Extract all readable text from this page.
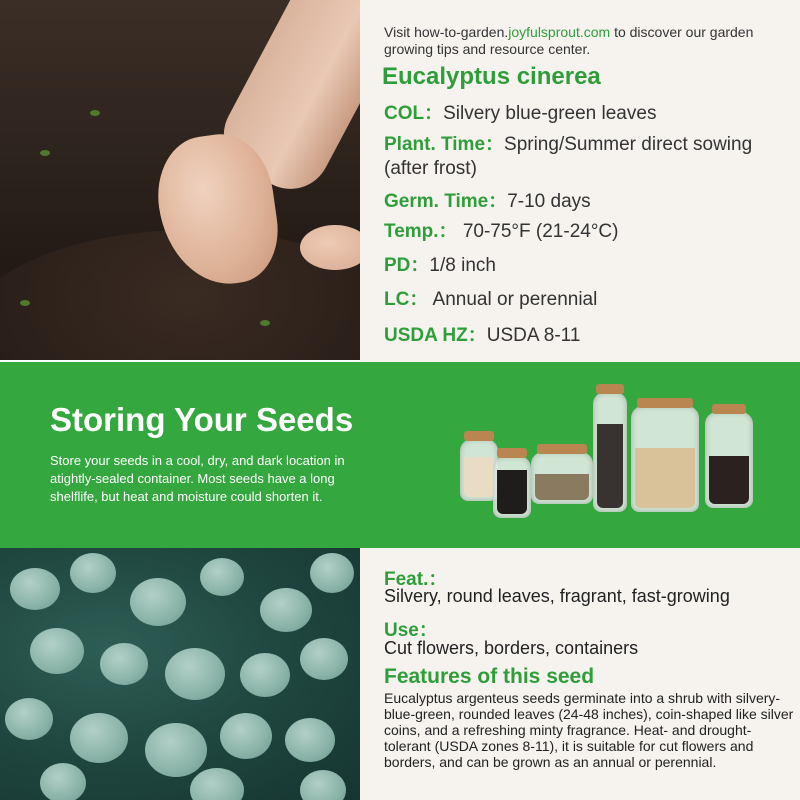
Visit how-to-garden.joyfulsprout.com to discover our garden growing tips and resource center.
Eucalyptus cinerea
COL：Silvery blue-green leaves
Plant. Time：Spring/Summer direct sowing (after frost)
Germ. Time：7-10 days
Temp.： 70-75°F (21-24°C)
PD：1/8 inch
LC： Annual or perennial
USDA HZ：USDA 8-11
Storing Your Seeds
Store your seeds in a cool, dry, and dark location in atightly-sealed container. Most seeds have a long shelflife, but heat and moisture could shorten it.
Feat.：
Silvery, round leaves, fragrant, fast-growing
Use：
Cut flowers, borders, containers
Features of this seed
Eucalyptus argenteus seeds germinate into a shrub with silvery-blue-green, rounded leaves (24-48 inches), coin-shaped like silver coins, and a refreshing minty fragrance. Heat- and drought-tolerant (USDA zones 8-11), it is suitable for cut flowers and borders, and can be grown as an annual or perennial.
